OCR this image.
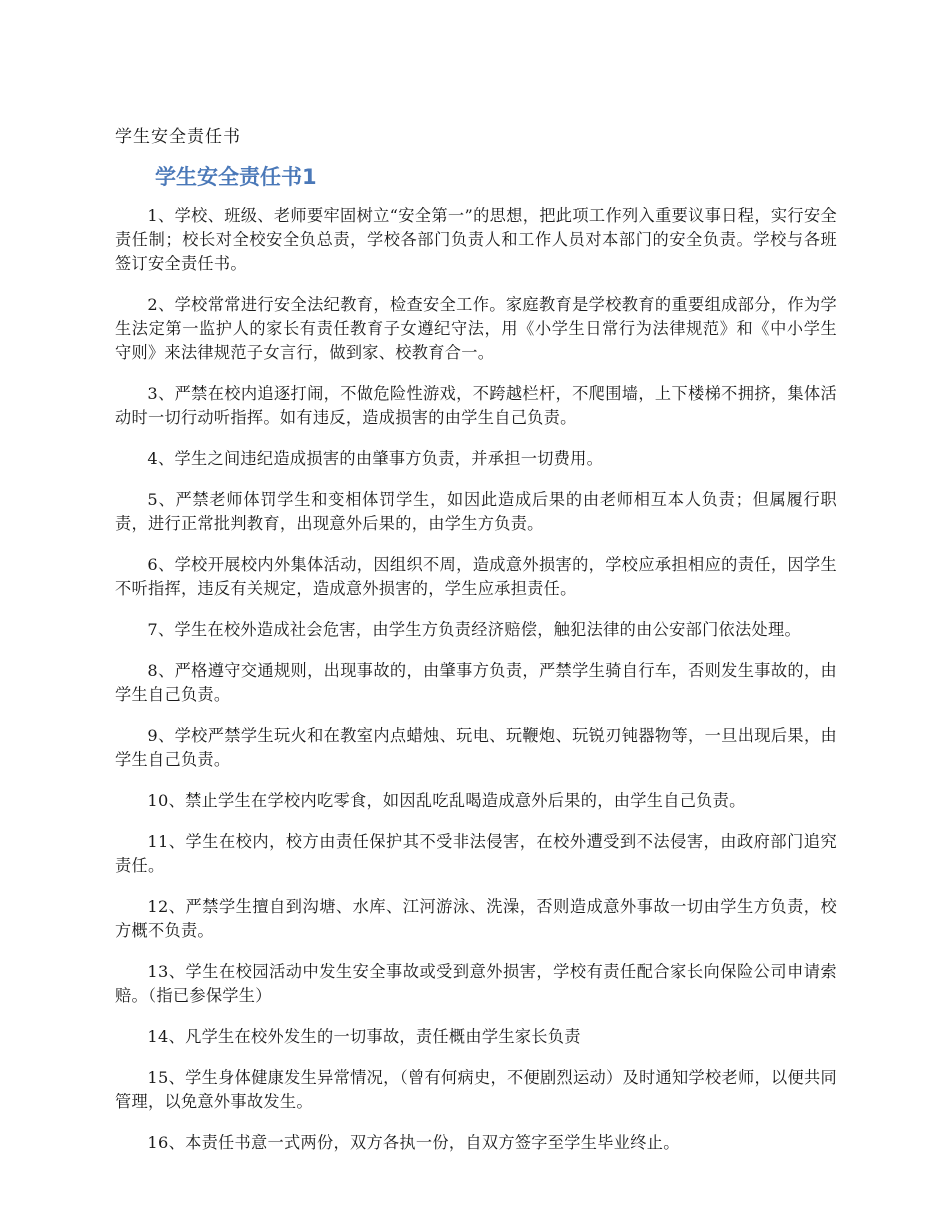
学生安全责任书
学生安全责任书1

1、学校、班级、老师要牢固树立“安全第一”的思想，把此项工作列入重要议事日程，实行安全责任制；校长对全校安全负总责，学校各部门负责人和工作人员对本部门的安全负责。学校与各班签订安全责任书。

2、学校常常进行安全法纪教育，检查安全工作。家庭教育是学校教育的重要组成部分，作为学生法定第一监护人的家长有责任教育子女遵纪守法，用《小学生日常行为法律规范》和《中小学生守则》来法律规范子女言行，做到家、校教育合一。

3、严禁在校内追逐打闹，不做危险性游戏，不跨越栏杆，不爬围墙，上下楼梯不拥挤，集体活动时一切行动听指挥。如有违反，造成损害的由学生自己负责。

4、学生之间违纪造成损害的由肇事方负责，并承担一切费用。

5、严禁老师体罚学生和变相体罚学生，如因此造成后果的由老师相互本人负责；但属履行职责，进行正常批判教育，出现意外后果的，由学生方负责。

6、学校开展校内外集体活动，因组织不周，造成意外损害的，学校应承担相应的责任，因学生不听指挥，违反有关规定，造成意外损害的，学生应承担责任。

7、学生在校外造成社会危害，由学生方负责经济赔偿，触犯法律的由公安部门依法处理。

8、严格遵守交通规则，出现事故的，由肇事方负责，严禁学生骑自行车，否则发生事故的，由学生自己负责。

9、学校严禁学生玩火和在教室内点蜡烛、玩电、玩鞭炮、玩锐刃钝器物等，一旦出现后果，由学生自己负责。

10、禁止学生在学校内吃零食，如因乱吃乱喝造成意外后果的，由学生自己负责。

11、学生在校内，校方由责任保护其不受非法侵害，在校外遭受到不法侵害，由政府部门追究责任。

12、严禁学生擅自到沟塘、水库、江河游泳、洗澡，否则造成意外事故一切由学生方负责，校方概不负责。

13、学生在校园活动中发生安全事故或受到意外损害，学校有责任配合家长向保险公司申请索赔。（指已参保学生）

14、凡学生在校外发生的一切事故，责任概由学生家长负责

15、学生身体健康发生异常情况，（曾有何病史，不便剧烈运动）及时通知学校老师，以便共同管理，以免意外事故发生。

16、本责任书意一式两份，双方各执一份，自双方签字至学生毕业终止。
